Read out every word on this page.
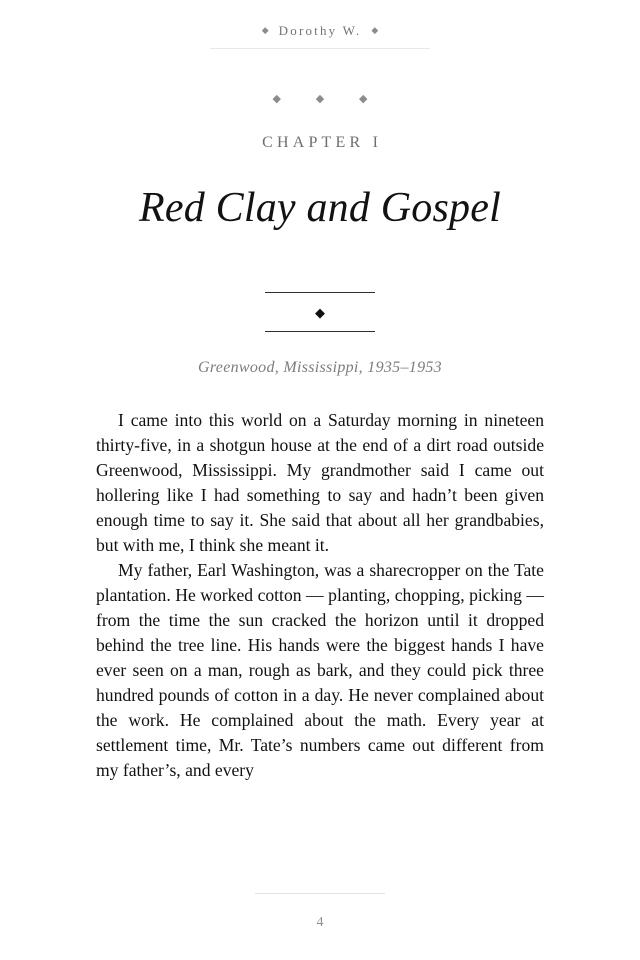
◆ Dorothy W. ◆
◆ ◆ ◆
CHAPTER I
Red Clay and Gospel
◆
Greenwood, Mississippi, 1935–1953

I came into this world on a Saturday morning in nineteen thirty-five, in a shotgun house at the end of a dirt road outside Greenwood, Mississippi. My grandmother said I came out hollering like I had something to say and hadn’t been given enough time to say it. She said that about all her grandbabies, but with me, I think she meant it.

My father, Earl Washington, was a sharecropper on the Tate plantation. He worked cotton — planting, chopping, picking — from the time the sun cracked the horizon until it dropped behind the tree line. His hands were the biggest hands I have ever seen on a man, rough as bark, and they could pick three hundred pounds of cotton in a day. He never complained about the work. He complained about the math. Every year at settlement time, Mr. Tate’s numbers came out different from my father’s, and every

4
